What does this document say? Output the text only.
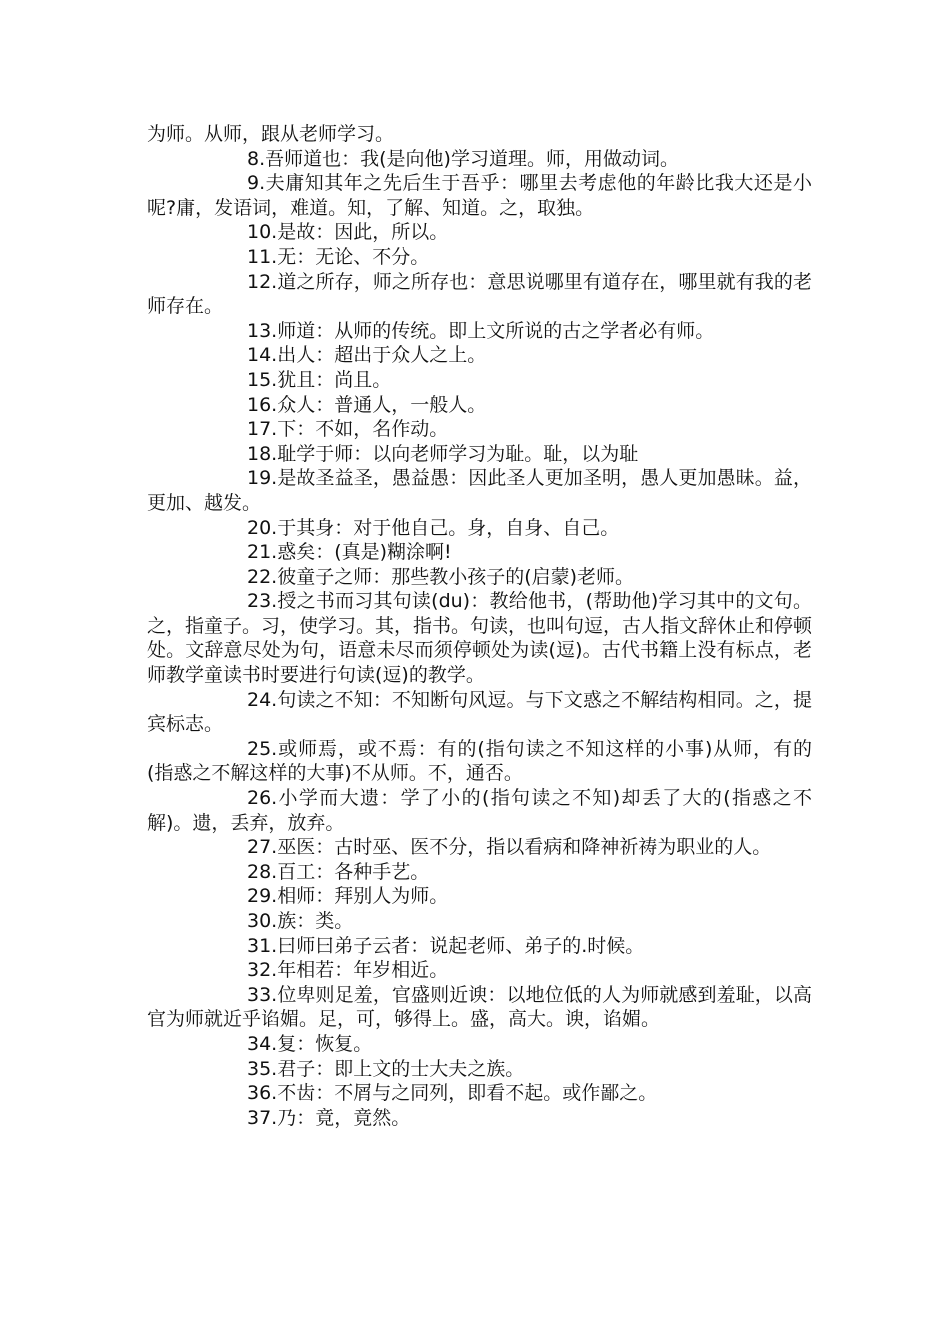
为师。从师，跟从老师学习。

8.吾师道也：我(是向他)学习道理。师，用做动词。

9.夫庸知其年之先后生于吾乎：哪里去考虑他的年龄比我大还是小呢?庸，发语词，难道。知，了解、知道。之，取独。

10.是故：因此，所以。

11.无：无论、不分。

12.道之所存，师之所存也：意思说哪里有道存在，哪里就有我的老师存在。

13.师道：从师的传统。即上文所说的古之学者必有师。

14.出人：超出于众人之上。

15.犹且：尚且。

16.众人：普通人，一般人。

17.下：不如，名作动。

18.耻学于师：以向老师学习为耻。耻，以为耻

19.是故圣益圣，愚益愚：因此圣人更加圣明，愚人更加愚昧。益，更加、越发。

20.于其身：对于他自己。身，自身、自己。

21.惑矣：(真是)糊涂啊!

22.彼童子之师：那些教小孩子的(启蒙)老师。

23.授之书而习其句读(du)：教给他书，(帮助他)学习其中的文句。之，指童子。习，使学习。其，指书。句读，也叫句逗，古人指文辞休止和停顿处。文辞意尽处为句，语意未尽而须停顿处为读(逗)。古代书籍上没有标点，老师教学童读书时要进行句读(逗)的教学。

24.句读之不知：不知断句风逗。与下文惑之不解结构相同。之，提宾标志。

25.或师焉，或不焉：有的(指句读之不知这样的小事)从师，有的(指惑之不解这样的大事)不从师。不，通否。

26.小学而大遗：学了小的(指句读之不知)却丢了大的(指惑之不解)。遗，丢弃，放弃。

27.巫医：古时巫、医不分，指以看病和降神祈祷为职业的人。

28.百工：各种手艺。

29.相师：拜别人为师。

30.族：类。

31.曰师曰弟子云者：说起老师、弟子的.时候。

32.年相若：年岁相近。

33.位卑则足羞，官盛则近谀：以地位低的人为师就感到羞耻，以高官为师就近乎谄媚。足，可，够得上。盛，高大。谀，谄媚。

34.复：恢复。

35.君子：即上文的士大夫之族。

36.不齿：不屑与之同列，即看不起。或作鄙之。

37.乃：竟，竟然。
